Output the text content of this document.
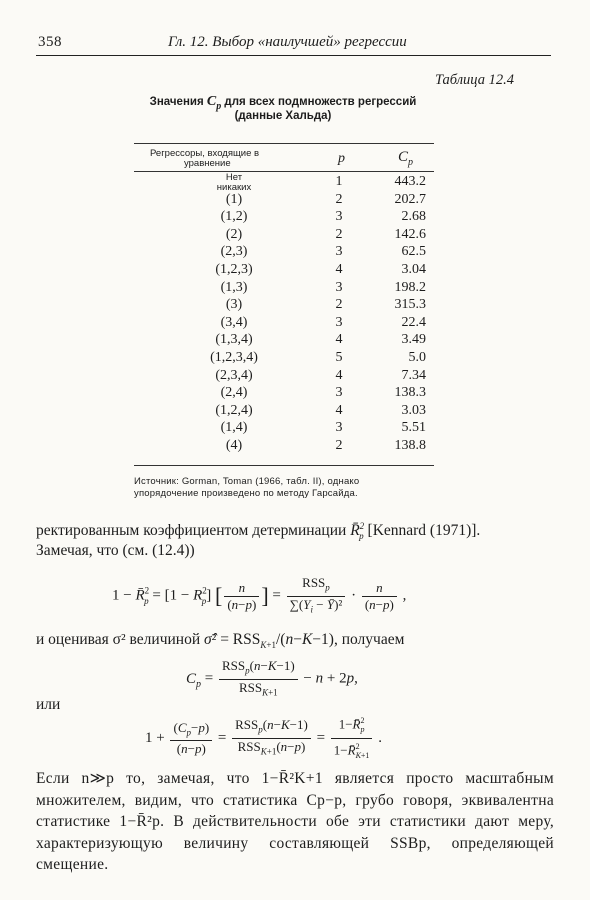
358	Гл. 12. Выбор «наилучшей» регрессии
Таблица 12.4
Значения $C_p$ для всех подмножеств регрессий
(данные Хальда)
Регрессоры, входящие в
уравнение	p	$C_p$
Нет
никаких	1	443.2
(1)	2	202.7
(1,2)	3	2.68
(2)	2	142.6
(2,3)	3	62.5
(1,2,3)	4	3.04
(1,3)	3	198.2
(3)	2	315.3
(3,4)	3	22.4
(1,3,4)	4	3.49
(1,2,3,4)	5	5.0
(2,3,4)	4	7.34
(2,4)	3	138.3
(1,2,4)	4	3.03
(1,4)	3	5.51
(4)	2	138.8
Источник: Gorman, Toman (1966, табл. II), однако
упорядочение произведено по методу Гарсайда.
ректированным коэффициентом детерминации R̄$^2_p$ [Kennard (1971)].
Замечая, что (см. (12.4))
1 − R̄$^2_p$ = $[1 - R^2_p]$ [ $\frac{n}{(n-p)}$ ] = $\frac{RSS_p}{\sum(Y_i - Ȳ)^2} \cdot \frac{n}{(n-p)}$ ,
и оценивая σ² величиной σ̂² = $RSS_{K+1}/(n-K-1)$, получаем
$C_p = \frac{RSS_p(n-K-1)}{RSS_{K+1}} - n + 2p$,
или
$1 + \frac{(C_p-p)}{(n-p)} = \frac{RSS_p(n-K-1)}{RSS_{K+1}(n-p)} = \frac{1-R̄^2_p}{1-R̄^2_{K+1}}$ .
Если n≫p то, замечая, что 1−R̄²K+1 является просто масштабным множителем, видим, что статистика Cp−p, грубо говоря, эквивалентна статистике 1−R̄²p. В действительности обе эти статистики дают меру, характеризующую величину составляющей SSBp, определяющей смещение.
